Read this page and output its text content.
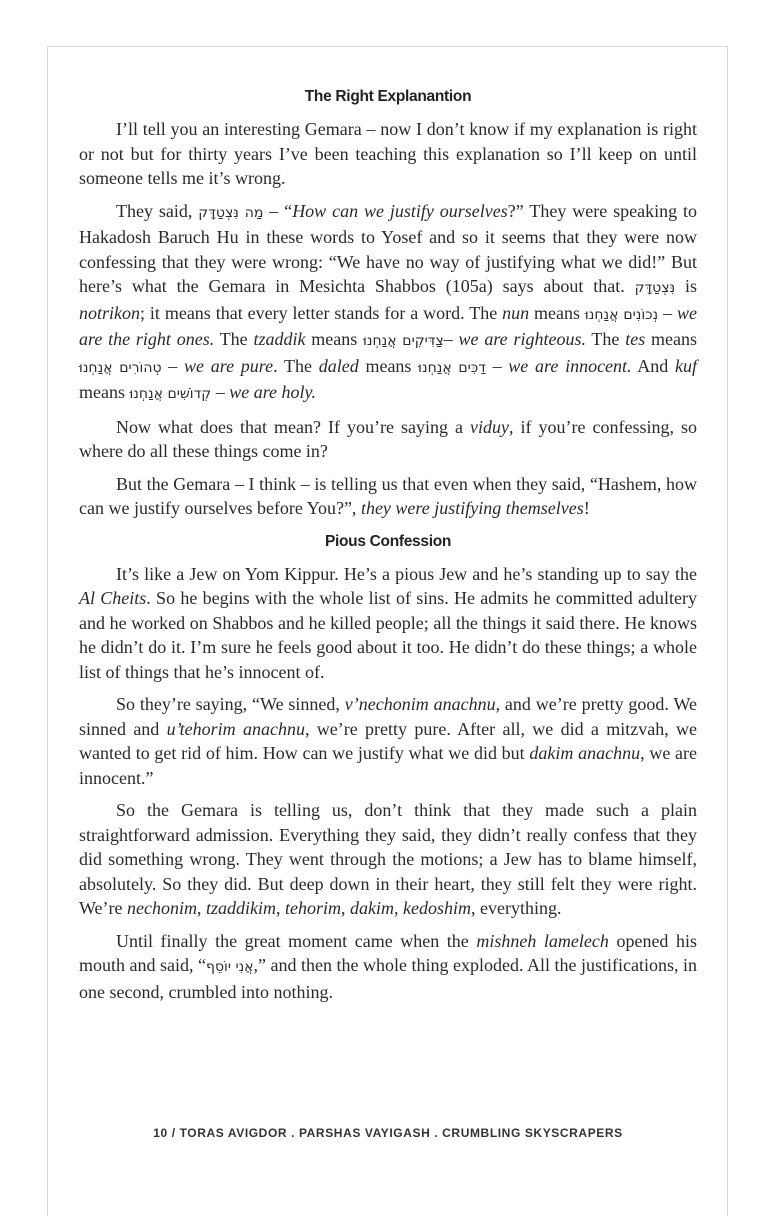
The Right Explanantion

I’ll tell you an interesting Gemara – now I don’t know if my explanation is right or not but for thirty years I’ve been teaching this explanation so I’ll keep on until someone tells me it’s wrong.

They said, מַה נִּצְטַדָּק – “How can we justify ourselves?” They were speaking to Hakadosh Baruch Hu in these words to Yosef and so it seems that they were now confessing that they were wrong: “We have no way of justifying what we did!” But here’s what the Gemara in Mesichta Shabbos (105a) says about that. נִּצְטַדָּק is notrikon; it means that every letter stands for a word. The nun means נְכוֹנִים אֲנַחְנוּ – we are the right ones. The tzaddik means צַדִּיקִים אֲנַחְנוּ– we are righteous. The tes means טְהוֹרִים אֲנַחְנוּ – we are pure. The daled means דַכִּים אֲנַחְנוּ – we are innocent. And kuf means קְדוֹשִׁים אֲנַחְנוּ – we are holy.

Now what does that mean? If you’re saying a viduy, if you’re confessing, so where do all these things come in?

But the Gemara – I think – is telling us that even when they said, “Hashem, how can we justify ourselves before You?”, they were justifying themselves!

Pious Confession

It’s like a Jew on Yom Kippur. He’s a pious Jew and he’s standing up to say the Al Cheits. So he begins with the whole list of sins. He admits he committed adultery and he worked on Shabbos and he killed people; all the things it said there. He knows he didn’t do it. I’m sure he feels good about it too. He didn’t do these things; a whole list of things that he’s innocent of.

So they’re saying, “We sinned, v’nechonim anachnu, and we’re pretty good. We sinned and u’tehorim anachnu, we’re pretty pure. After all, we did a mitzvah, we wanted to get rid of him. How can we justify what we did but dakim anachnu, we are innocent.”

So the Gemara is telling us, don’t think that they made such a plain straightforward admission. Everything they said, they didn’t really confess that they did something wrong. They went through the motions; a Jew has to blame himself, absolutely. So they did. But deep down in their heart, they still felt they were right. We’re nechonim, tzaddikim, tehorim, dakim, kedoshim, everything.

Until finally the great moment came when the mishneh lamelech opened his mouth and said, “אֲנִי יוֹסֵף,” and then the whole thing exploded. All the justifications, in one second, crumbled into nothing.

10 / TORAS AVIGDOR . PARSHAS VAYIGASH . CRUMBLING SKYSCRAPERS
